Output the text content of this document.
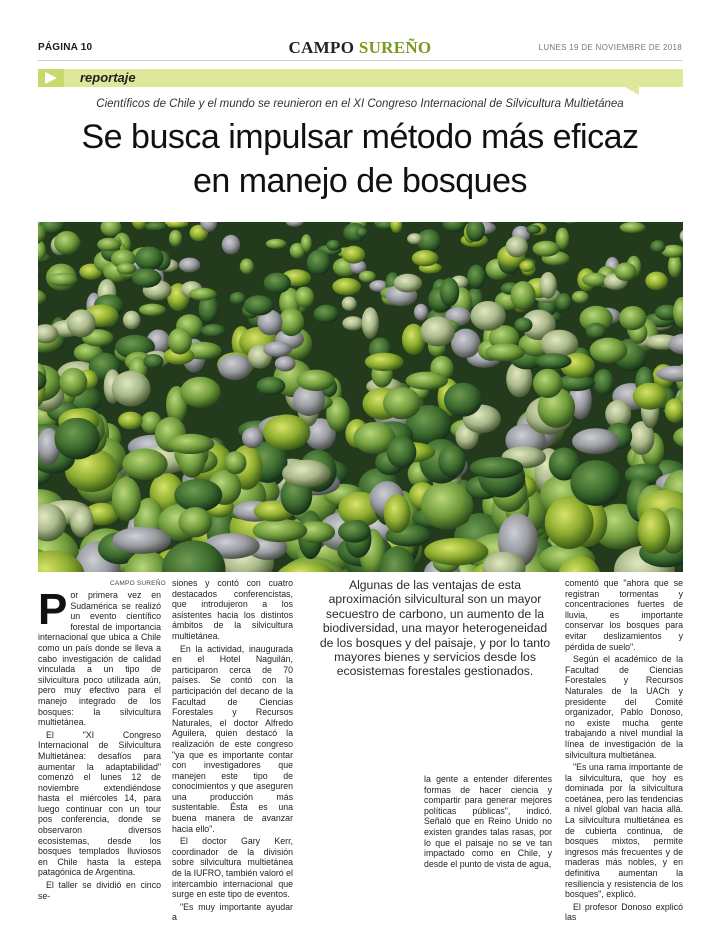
PÁGINA 10	CAMPO SUREÑO	LUNES 19 DE NOVIEMBRE DE 2018
reportaje
Científicos de Chile y el mundo se reunieron en el XI Congreso Internacional de Silvicultura Multietánea
Se busca impulsar método más eficaz
en manejo de bosques
CAMPO SUREÑO
P or primera vez en Sudamérica se realizó un evento científico forestal de importancia internacional que ubica a Chile como un país donde se lleva a cabo investigación de calidad vinculada a un tipo de silvicultura poco utilizada aún, pero muy efectivo para el manejo integrado de los bosques: la silvicultura multietánea.

El "XI Congreso Internacional de Silvicultura Multietánea: desafíos para aumentar la adaptabilidad" comenzó el lunes 12 de noviembre extendiéndose hasta el miércoles 14, para luego continuar con un tour pos conferencia, donde se observaron diversos ecosistemas, desde los bosques templados lluviosos en Chile hasta la estepa patagónica de Argentina.

El taller se dividió en cinco se-

siones y contó con cuatro destacados conferencistas, que introdujeron a los asistentes hacia los distintos ámbitos de la silvicultura multietánea.

En la actividad, inaugurada en el Hotel Naguilán, participaron cerca de 70 países. Se contó con la participación del decano de la Facultad de Ciencias Forestales y Recursos Naturales, el doctor Alfredo Aguilera, quien destacó la realización de este congreso "ya que es importante contar con investigadores que manejen este tipo de conocimientos y que aseguren una producción más sustentable. Ésta es una buena manera de avanzar hacia ello".

El doctor Gary Kerr, coordinador de la división sobre silvicultura multietánea de la IUFRO, también valoró el intercambio internacional que surge en este tipo de eventos.

"Es muy importante ayudar a

Algunas de las ventajas de esta aproximación silvicultural son un mayor secuestro de carbono, un aumento de la biodiversidad, una mayor heterogeneidad de los bosques y del paisaje, y por lo tanto mayores bienes y servicios desde los ecosistemas forestales gestionados.

la gente a entender diferentes formas de hacer ciencia y compartir para generar mejores políticas públicas", indicó. Señaló que en Reino Unido no existen grandes talas rasas, por lo que el paisaje no se ve tan impactado como en Chile, y desde el punto de vista de agua,

comentó que "ahora que se registran tormentas y concentraciones fuertes de lluvia, es importante conservar los bosques para evitar deslizamientos y pérdida de suelo".

Según el académico de la Facultad de Ciencias Forestales y Recursos Naturales de la UACh y presidente del Comité organizador, Pablo Donoso, no existe mucha gente trabajando a nivel mundial la línea de investigación de la silvicultura multietánea.

"Es una rama importante de la silvicultura, que hoy es dominada por la silvicultura coetánea, pero las tendencias a nivel global van hacia allá. La silvicultura multietánea es de cubierta continua, de bosques mixtos, permite ingresos más frecuentes y de maderas más nobles, y en definitiva aumentan la resiliencia y resistencia de los bosques", explicó.

El profesor Donoso explicó las
